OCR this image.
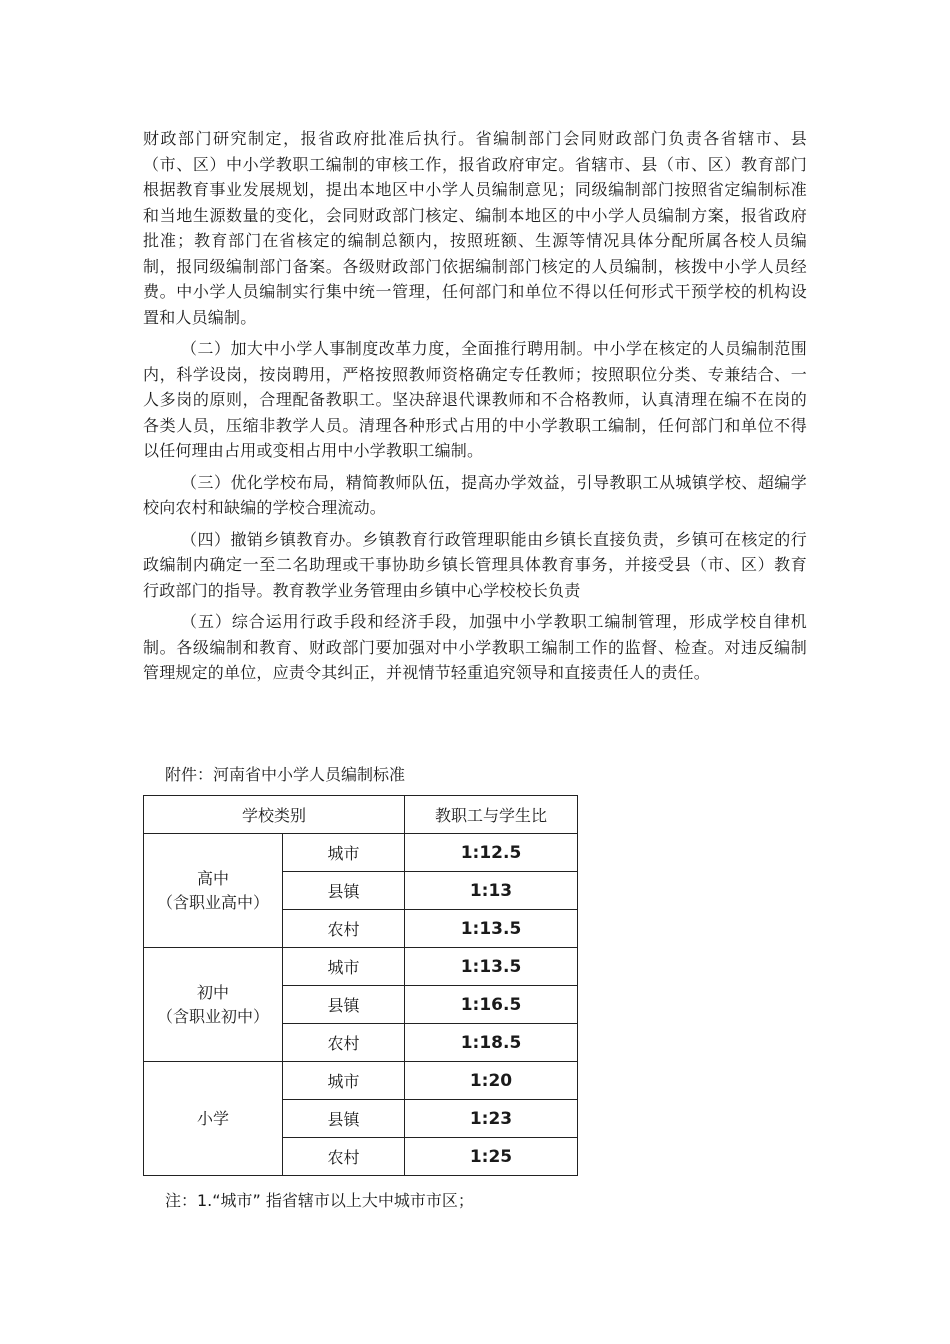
财政部门研究制定，报省政府批准后执行。省编制部门会同财政部门负责各省辖市、县（市、区）中小学教职工编制的审核工作，报省政府审定。省辖市、县（市、区）教育部门根据教育事业发展规划，提出本地区中小学人员编制意见；同级编制部门按照省定编制标准和当地生源数量的变化，会同财政部门核定、编制本地区的中小学人员编制方案，报省政府批准；教育部门在省核定的编制总额内，按照班额、生源等情况具体分配所属各校人员编制，报同级编制部门备案。各级财政部门依据编制部门核定的人员编制，核拨中小学人员经费。中小学人员编制实行集中统一管理，任何部门和单位不得以任何形式干预学校的机构设置和人员编制。

（二）加大中小学人事制度改革力度，全面推行聘用制。中小学在核定的人员编制范围内，科学设岗，按岗聘用，严格按照教师资格确定专任教师；按照职位分类、专兼结合、一人多岗的原则，合理配备教职工。坚决辞退代课教师和不合格教师，认真清理在编不在岗的各类人员，压缩非教学人员。清理各种形式占用的中小学教职工编制，任何部门和单位不得以任何理由占用或变相占用中小学教职工编制。

（三）优化学校布局，精简教师队伍，提高办学效益，引导教职工从城镇学校、超编学校向农村和缺编的学校合理流动。

（四）撤销乡镇教育办。乡镇教育行政管理职能由乡镇长直接负责，乡镇可在核定的行政编制内确定一至二名助理或干事协助乡镇长管理具体教育事务，并接受县（市、区）教育行政部门的指导。教育教学业务管理由乡镇中心学校校长负责

（五）综合运用行政手段和经济手段，加强中小学教职工编制管理，形成学校自律机制。各级编制和教育、财政部门要加强对中小学教职工编制工作的监督、检查。对违反编制管理规定的单位，应责令其纠正，并视情节轻重追究领导和直接责任人的责任。

附件：河南省中小学人员编制标准

学校类别		教职工与学生比

高中
（含职业高中）	城市	1:12.5
	县镇	1:13
	农村	1:13.5

初中
（含职业初中）	城市	1:13.5
	县镇	1:16.5
	农村	1:18.5

小学	城市	1:20
	县镇	1:23
	农村	1:25

注：1.“城市” 指省辖市以上大中城市市区；
